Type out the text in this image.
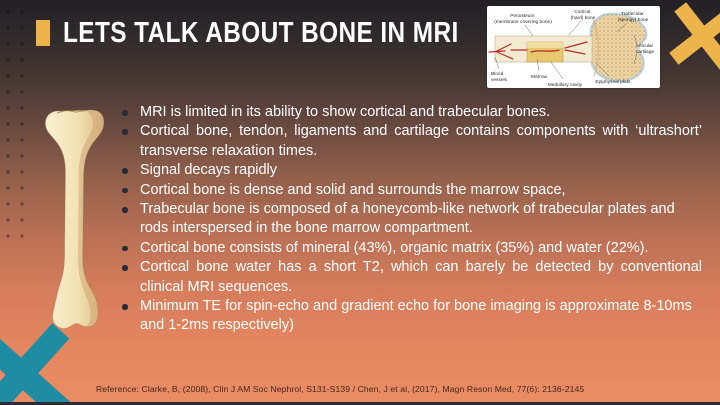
LETS TALK ABOUT BONE IN MRI
MRI is limited in its ability to show cortical and trabecular bones.
Cortical bone, tendon, ligaments and cartilage contains components with ‘ultrashort’ transverse relaxation times.
Signal decays rapidly
Cortical bone is dense and solid and surrounds the marrow space,
Trabecular bone is composed of a honeycomb-like network of trabecular plates and rods interspersed in the bone marrow compartment.
Cortical bone consists of mineral (43%), organic matrix (35%) and water (22%).
Cortical bone water has a short T2, which can barely be detected by conventional clinical MRI sequences.
Minimum TE for spin-echo and gradient echo for bone imaging is approximate 8-10ms and 1-2ms respectively)
Periosteum (membrane covering bone)
Cortical (hard) bone
Trabecular (spongy) bone
Articular cartilage
Blood vessels
Marrow
Medullary cavity
Epiphyseal plate
Reference: Clarke, B, (2008), Clin J AM Soc Nephrol, S131-S139 / Chen, J et al, (2017), Magn Reson Med, 77(6): 2136-2145
